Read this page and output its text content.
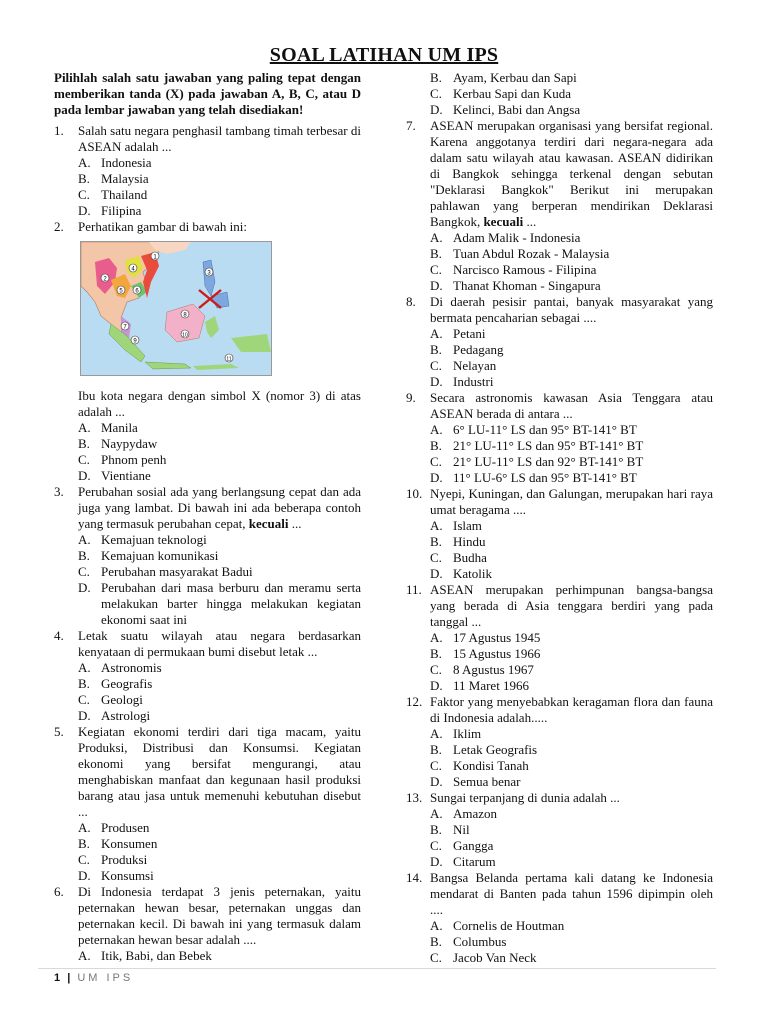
SOAL LATIHAN UM IPS
Pilihlah salah satu jawaban yang paling tepat dengan memberikan tanda (X) pada jawaban A, B, C, atau D pada lembar jawaban yang telah disediakan!
1.	Salah satu negara penghasil tambang timah terbesar di ASEAN adalah ...
A. Indonesia
B. Malaysia
C. Thailand
D. Filipina
2.	Perhatikan gambar di bawah ini:
1
2
3
4
5 6
7
8
9
10
11
Ibu kota negara dengan simbol X (nomor 3) di atas adalah ...
A. Manila
B. Naypydaw
C. Phnom penh
D. Vientiane
3.	Perubahan sosial ada yang berlangsung cepat dan ada juga yang lambat. Di bawah ini ada beberapa contoh yang termasuk perubahan cepat, kecuali ...
A. Kemajuan teknologi
B. Kemajuan komunikasi
C. Perubahan masyarakat Badui
D. Perubahan dari masa berburu dan meramu serta melakukan barter hingga melakukan kegiatan ekonomi saat ini
4.	Letak suatu wilayah atau negara berdasarkan kenyataan di permukaan bumi disebut letak ...
A. Astronomis
B. Geografis
C. Geologi
D. Astrologi
5.	Kegiatan ekonomi terdiri dari tiga macam, yaitu Produksi, Distribusi dan Konsumsi. Kegiatan ekonomi yang bersifat mengurangi, atau menghabiskan manfaat dan kegunaan hasil produksi barang atau jasa untuk memenuhi kebutuhan disebut ...
A. Produsen
B. Konsumen
C. Produksi
D. Konsumsi
6.	Di Indonesia terdapat 3 jenis peternakan, yaitu peternakan hewan besar, peternakan unggas dan peternakan kecil. Di bawah ini yang termasuk dalam peternakan hewan besar adalah ....
A. Itik, Babi, dan Bebek
B. Ayam, Kerbau dan Sapi
C. Kerbau Sapi dan Kuda
D. Kelinci, Babi dan Angsa
7.	ASEAN merupakan organisasi yang bersifat regional. Karena anggotanya terdiri dari negara-negara ada dalam satu wilayah atau kawasan. ASEAN didirikan di Bangkok sehingga terkenal dengan sebutan "Deklarasi Bangkok" Berikut ini merupakan pahlawan yang berperan mendirikan Deklarasi Bangkok, kecuali ...
A. Adam Malik - Indonesia
B. Tuan Abdul Rozak - Malaysia
C. Narcisco Ramous - Filipina
D. Thanat Khoman - Singapura
8.	Di daerah pesisir pantai, banyak masyarakat yang bermata pencaharian sebagai ....
A. Petani
B. Pedagang
C. Nelayan
D. Industri
9.	Secara astronomis kawasan Asia Tenggara atau ASEAN berada di antara ...
A. 6° LU-11° LS dan 95° BT-141° BT
B. 21° LU-11° LS dan 95° BT-141° BT
C. 21° LU-11° LS dan 92° BT-141° BT
D. 11° LU-6° LS dan 95° BT-141° BT
10. Nyepi, Kuningan, dan Galungan, merupakan hari raya umat beragama ....
A. Islam
B. Hindu
C. Budha
D. Katolik
11. ASEAN merupakan perhimpunan bangsa-bangsa yang berada di Asia tenggara berdiri yang pada tanggal ...
A. 17 Agustus 1945
B. 15 Agustus 1966
C. 8 Agustus 1967
D. 11 Maret 1966
12. Faktor yang menyebabkan keragaman flora dan fauna di Indonesia adalah.....
A. Iklim
B. Letak Geografis
C. Kondisi Tanah
D. Semua benar
13. Sungai terpanjang di dunia adalah ...
A. Amazon
B. Nil
C. Gangga
D. Citarum
14. Bangsa Belanda pertama kali datang ke Indonesia mendarat di Banten pada tahun 1596 dipimpin oleh ....
A. Cornelis de Houtman
B. Columbus
C. Jacob Van Neck
1 | UM IPS
